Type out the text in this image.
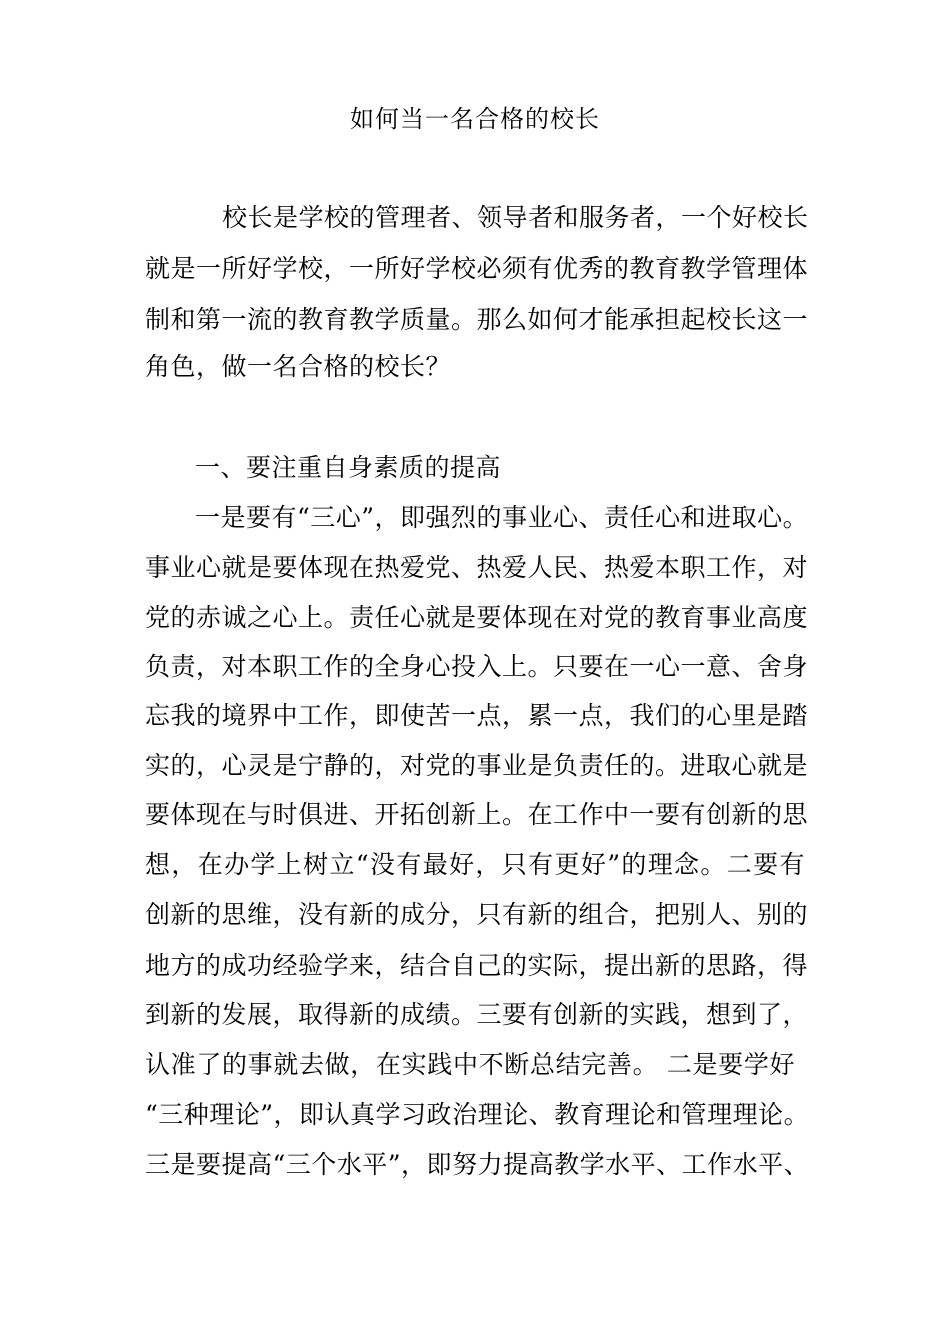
如何当一名合格的校长
校长是学校的管理者、领导者和服务者，一个好校长
就是一所好学校，一所好学校必须有优秀的教育教学管理体
制和第一流的教育教学质量。那么如何才能承担起校长这一
角色，做一名合格的校长？
一、要注重自身素质的提高
一是要有“三心”，即强烈的事业心、责任心和进取心。
事业心就是要体现在热爱党、热爱人民、热爱本职工作，对
党的赤诚之心上。责任心就是要体现在对党的教育事业高度
负责，对本职工作的全身心投入上。只要在一心一意、舍身
忘我的境界中工作，即使苦一点，累一点，我们的心里是踏
实的，心灵是宁静的，对党的事业是负责任的。进取心就是
要体现在与时俱进、开拓创新上。在工作中一要有创新的思
想，在办学上树立“没有最好，只有更好”的理念。二要有
创新的思维，没有新的成分，只有新的组合，把别人、别的
地方的成功经验学来，结合自己的实际，提出新的思路，得
到新的发展，取得新的成绩。三要有创新的实践，想到了，
认准了的事就去做，在实践中不断总结完善。 二是要学好
“三种理论”，即认真学习政治理论、教育理论和管理理论。
三是要提高“三个水平”，即努力提高教学水平、工作水平、
